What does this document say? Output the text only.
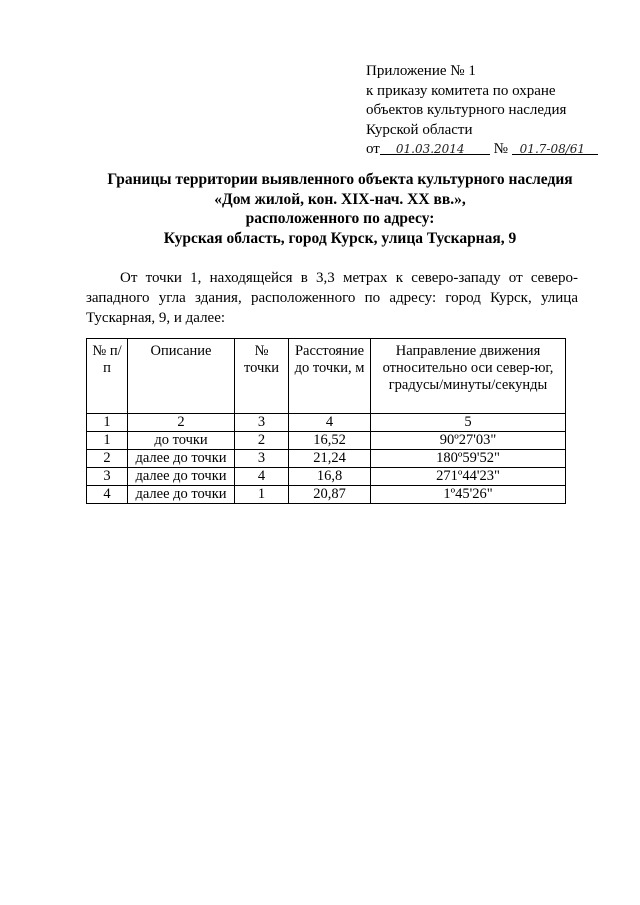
Приложение № 1
к приказу комитета по охране
объектов культурного наследия
Курской области
от 01.03.2014 № 01.7-08/61
Границы территории выявленного объекта культурного наследия
«Дом жилой, кон. XIX-нач. XX вв.»,
расположенного по адресу:
Курская область, город Курск, улица Тускарная, 9
От точки 1, находящейся в 3,3 метрах к северо-западу от северо-западного угла здания, расположенного по адресу: город Курск, улица Тускарная, 9, и далее:
№ п/п	Описание	№ точки	Расстояние до точки, м	Направление движения относительно оси север-юг, градусы/минуты/секунды
1	2	3	4	5
1	до точки	2	16,52	90º27'03"
2	далее до точки	3	21,24	180º59'52"
3	далее до точки	4	16,8	271º44'23"
4	далее до точки	1	20,87	1º45'26"
